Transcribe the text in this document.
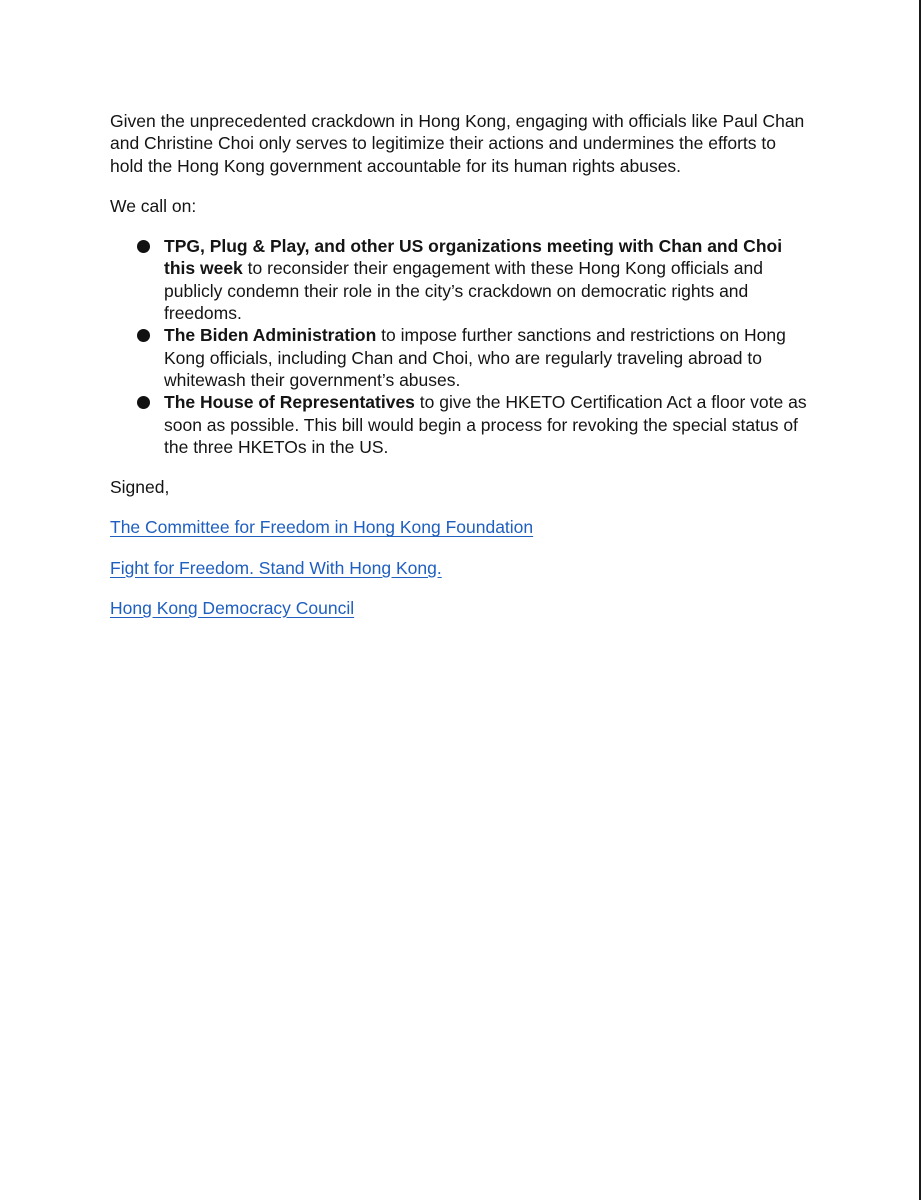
Given the unprecedented crackdown in Hong Kong, engaging with officials like Paul Chan and Christine Choi only serves to legitimize their actions and undermines the efforts to hold the Hong Kong government accountable for its human rights abuses.

We call on:

TPG, Plug & Play, and other US organizations meeting with Chan and Choi this week to reconsider their engagement with these Hong Kong officials and publicly condemn their role in the city’s crackdown on democratic rights and freedoms.
The Biden Administration to impose further sanctions and restrictions on Hong Kong officials, including Chan and Choi, who are regularly traveling abroad to whitewash their government’s abuses.
The House of Representatives to give the HKETO Certification Act a floor vote as soon as possible. This bill would begin a process for revoking the special status of the three HKETOs in the US.

Signed,

The Committee for Freedom in Hong Kong Foundation

Fight for Freedom. Stand With Hong Kong.

Hong Kong Democracy Council
